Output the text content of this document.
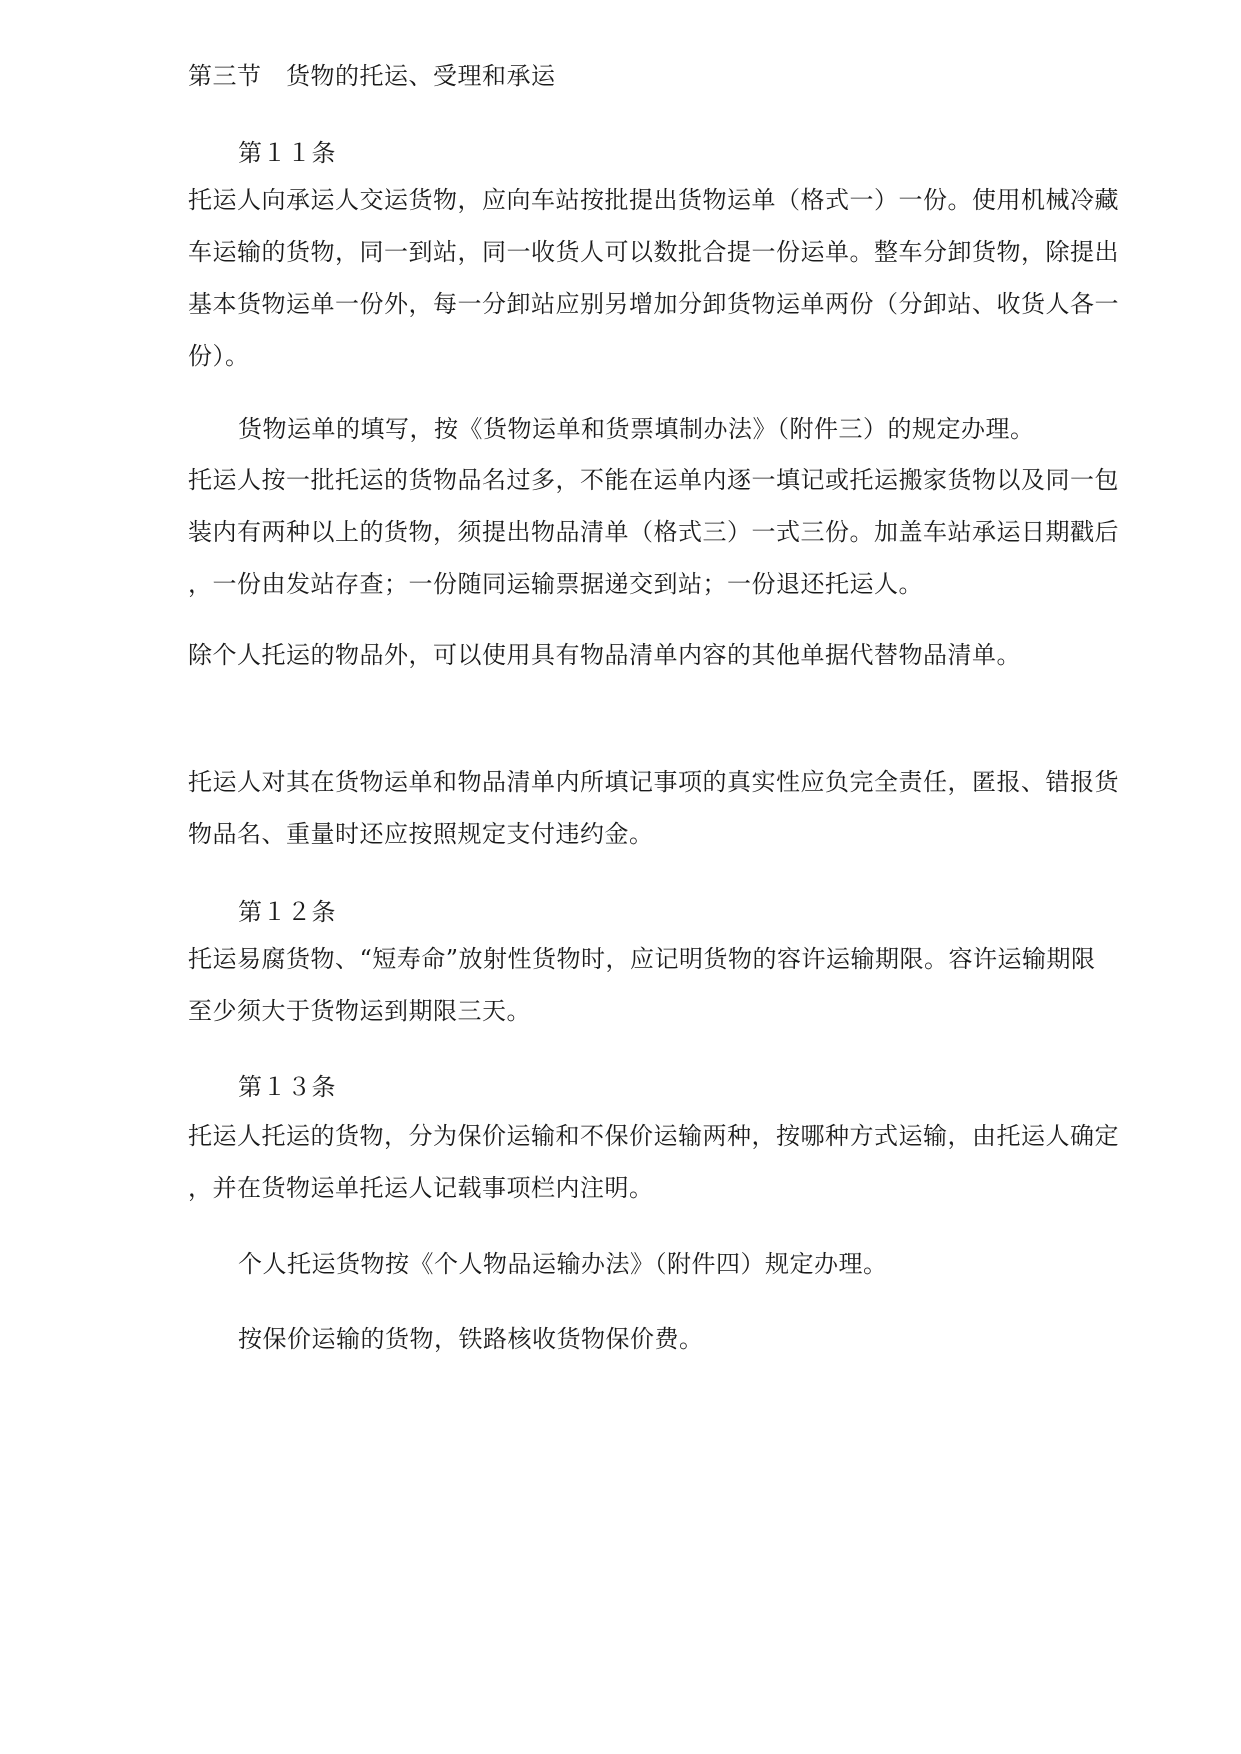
第三节　货物的托运、受理和承运
第１１条
托运人向承运人交运货物，应向车站按批提出货物运单（格式一）一份。使用机械冷藏
车运输的货物，同一到站，同一收货人可以数批合提一份运单。整车分卸货物，除提出
基本货物运单一份外，每一分卸站应别另增加分卸货物运单两份（分卸站、收货人各一
份）。
货物运单的填写，按《货物运单和货票填制办法》（附件三）的规定办理。
托运人按一批托运的货物品名过多，不能在运单内逐一填记或托运搬家货物以及同一包
装内有两种以上的货物，须提出物品清单（格式三）一式三份。加盖车站承运日期戳后
，一份由发站存查；一份随同运输票据递交到站；一份退还托运人。
除个人托运的物品外，可以使用具有物品清单内容的其他单据代替物品清单。
托运人对其在货物运单和物品清单内所填记事项的真实性应负完全责任，匿报、错报货
物品名、重量时还应按照规定支付违约金。
第１２条
托运易腐货物、“短寿命”放射性货物时，应记明货物的容许运输期限。容许运输期限
至少须大于货物运到期限三天。
第１３条
托运人托运的货物，分为保价运输和不保价运输两种，按哪种方式运输，由托运人确定
，并在货物运单托运人记载事项栏内注明。
个人托运货物按《个人物品运输办法》（附件四）规定办理。
按保价运输的货物，铁路核收货物保价费。
